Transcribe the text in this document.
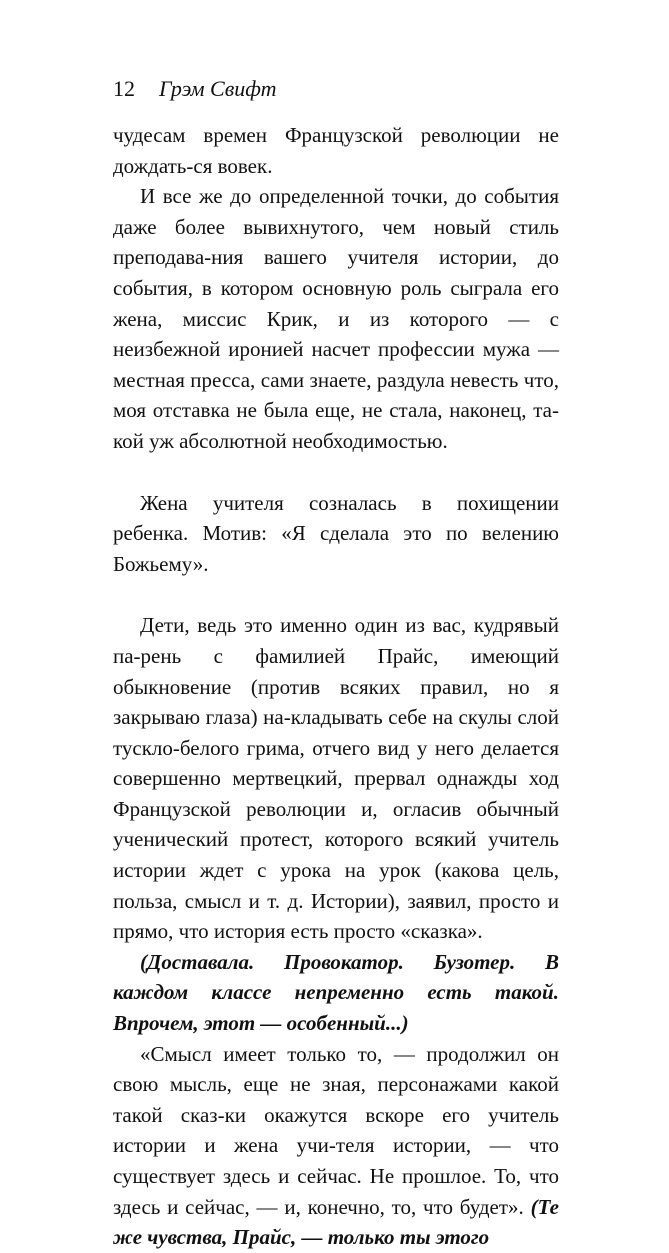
12 Грэм Свифт

чудесам времен Французской революции не дождать-ся вовек.

И все же до определенной точки, до события даже более вывихнутого, чем новый стиль преподава-ния вашего учителя истории, до события, в котором основную роль сыграла его жена, миссис Крик, и из которого — с неизбежной иронией насчет профессии мужа — местная пресса, сами знаете, раздула невесть что, моя отставка не была еще, не стала, наконец, та-кой уж абсолютной необходимостью.

Жена учителя созналась в похищении ребенка. Мотив: «Я сделала это по велению Божьему».

Дети, ведь это именно один из вас, кудрявый па-рень с фамилией Прайс, имеющий обыкновение (против всяких правил, но я закрываю глаза) на-кладывать себе на скулы слой тускло-белого грима, отчего вид у него делается совершенно мертвецкий, прервал однажды ход Французской революции и, огласив обычный ученический протест, которого всякий учитель истории ждет с урока на урок (какова цель, польза, смысл и т. д. Истории), заявил, просто и прямо, что история есть просто «сказка».

(Доставала. Провокатор. Бузотер. В каждом классе непременно есть такой. Впрочем, этот — особенный...)

«Смысл имеет только то, — продолжил он свою мысль, еще не зная, персонажами какой такой сказ-ки окажутся вскоре его учитель истории и жена учи-теля истории, — что существует здесь и сейчас. Не прошлое. То, что здесь и сейчас, — и, конечно, то, что будет». (Те же чувства, Прайс, — только ты этого
